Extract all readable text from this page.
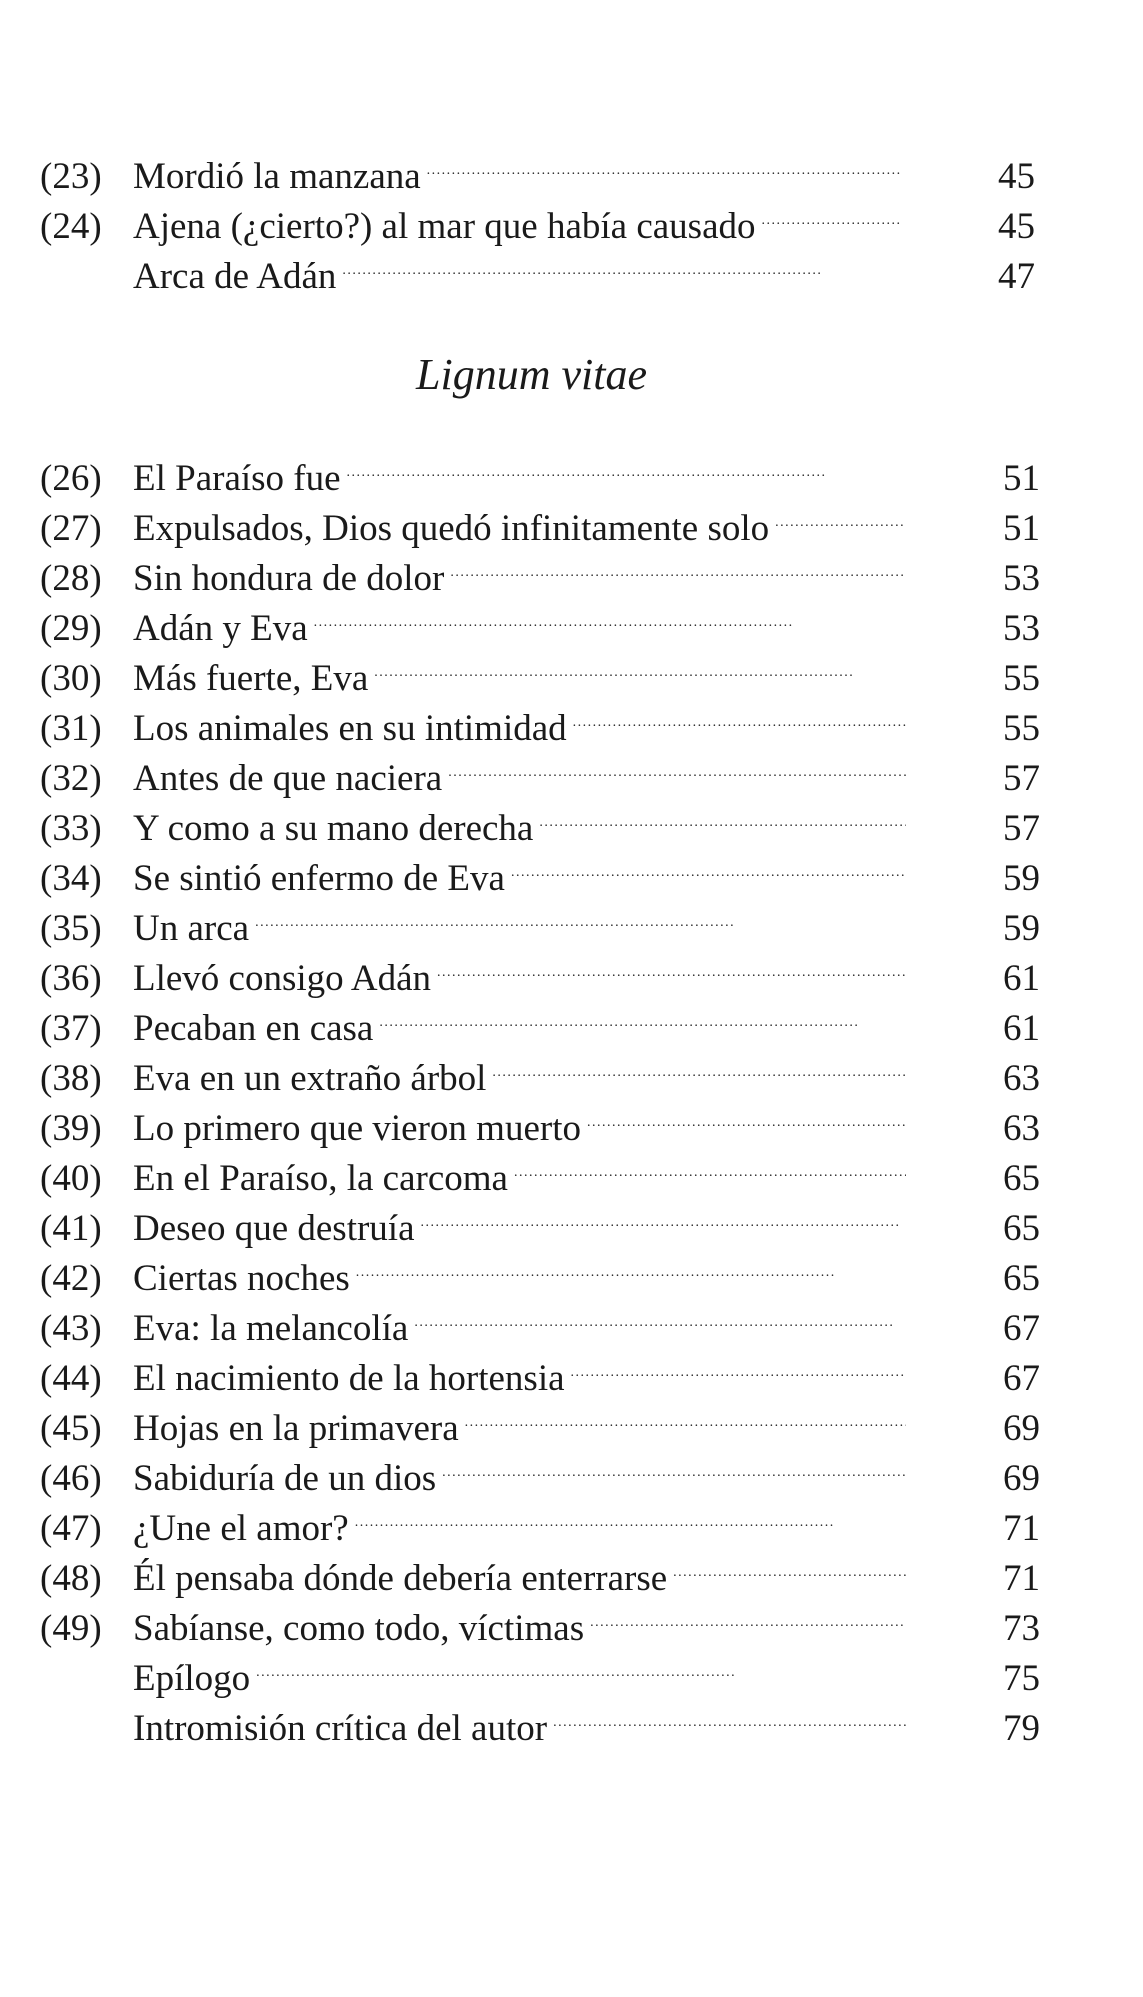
(23) Mordió la manzana . . .	45
(24) Ajena (¿cierto?) al mar que había causado . . .	45
Arca de Adán . . .	47
Lignum vitae
(26) El Paraíso fue . . .	51
(27) Expulsados, Dios quedó infinitamente solo . . .	51
(28) Sin hondura de dolor . . .	53
(29) Adán y Eva . . .	53
(30) Más fuerte, Eva . . .	55
(31) Los animales en su intimidad . . .	55
(32) Antes de que naciera . . .	57
(33) Y como a su mano derecha . . .	57
(34) Se sintió enfermo de Eva . . .	59
(35) Un arca . . .	59
(36) Llevó consigo Adán . . .	61
(37) Pecaban en casa . . .	61
(38) Eva en un extraño árbol . . .	63
(39) Lo primero que vieron muerto . . .	63
(40) En el Paraíso, la carcoma . . .	65
(41) Deseo que destruía . . .	65
(42) Ciertas noches . . .	65
(43) Eva: la melancolía . . .	67
(44) El nacimiento de la hortensia . . .	67
(45) Hojas en la primavera . . .	69
(46) Sabiduría de un dios . . .	69
(47) ¿Une el amor? . . .	71
(48) Él pensaba dónde debería enterrarse . . .	71
(49) Sabíanse, como todo, víctimas . . .	73
Epílogo . . .	75
Intromisión crítica del autor . . .	79
